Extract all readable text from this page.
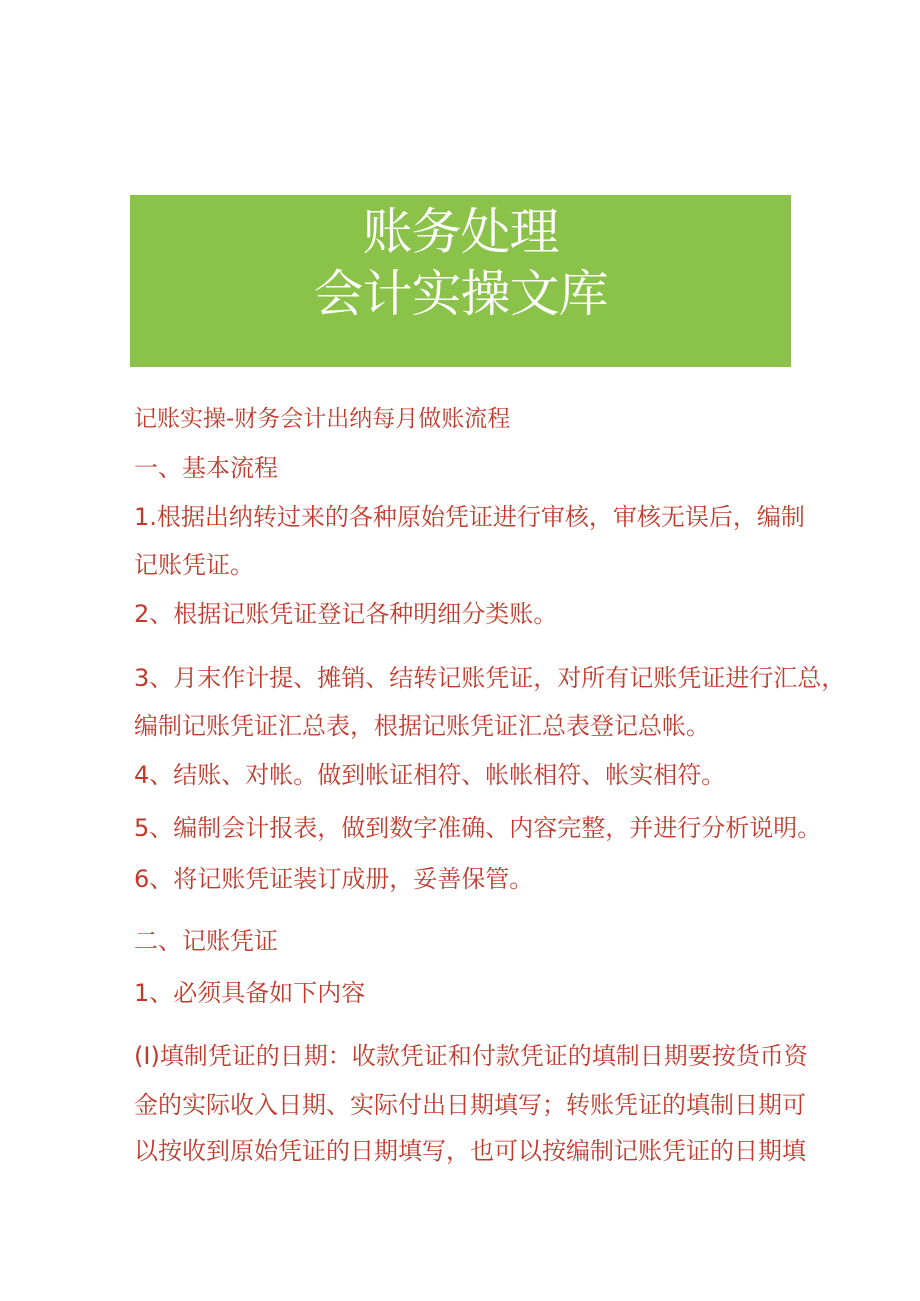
账务处理
会计实操文库
记账实操-财务会计出纳每月做账流程
一、基本流程
1.根据出纳转过来的各种原始凭证进行审核，审核无误后，编制
记账凭证。
2、根据记账凭证登记各种明细分类账。
3、月末作计提、摊销、结转记账凭证，对所有记账凭证进行汇总，
编制记账凭证汇总表，根据记账凭证汇总表登记总帐。
4、结账、对帐。做到帐证相符、帐帐相符、帐实相符。
5、编制会计报表，做到数字准确、内容完整，并进行分析说明。
6、将记账凭证装订成册，妥善保管。
二、记账凭证
1、必须具备如下内容
(I)填制凭证的日期：收款凭证和付款凭证的填制日期要按货币资
金的实际收入日期、实际付出日期填写；转账凭证的填制日期可
以按收到原始凭证的日期填写，也可以按编制记账凭证的日期填
